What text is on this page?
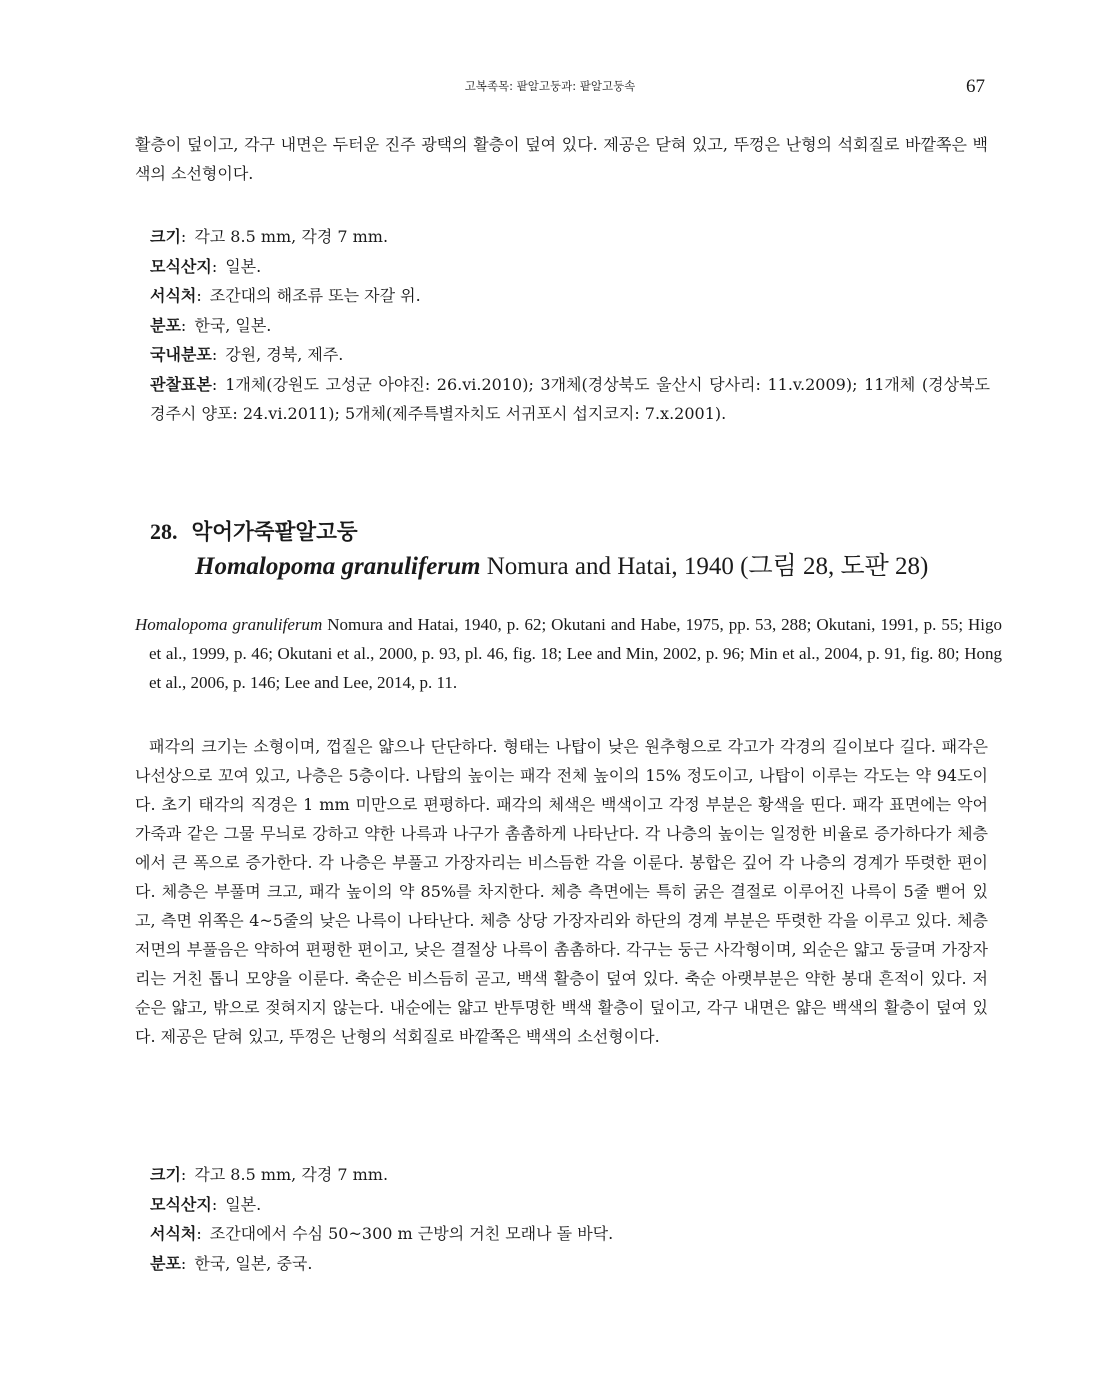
고복족목: 팥알고둥과: 팥알고둥속	67

활층이 덮이고, 각구 내면은 두터운 진주 광택의 활층이 덮여 있다. 제공은 닫혀 있고, 뚜껑은 난형의 석회질로 바깥쪽은 백색의 소선형이다.

크기: 각고 8.5 mm, 각경 7 mm.
모식산지: 일본.
서식처: 조간대의 해조류 또는 자갈 위.
분포: 한국, 일본.
국내분포: 강원, 경북, 제주.
관찰표본: 1개체(강원도 고성군 아야진: 26.vi.2010); 3개체(경상북도 울산시 당사리: 11.v.2009); 11개체 (경상북도 경주시 양포: 24.vi.2011); 5개체(제주특별자치도 서귀포시 섭지코지: 7.x.2001).
28. 악어가죽팥알고둥
Homalopoma granuliferum Nomura and Hatai, 1940 (그림 28, 도판 28)
Homalopoma granuliferum Nomura and Hatai, 1940, p. 62; Okutani and Habe, 1975, pp. 53, 288; Okutani, 1991, p. 55; Higo et al., 1999, p. 46; Okutani et al., 2000, p. 93, pl. 46, fig. 18; Lee and Min, 2002, p. 96; Min et al., 2004, p. 91, fig. 80; Hong et al., 2006, p. 146; Lee and Lee, 2014, p. 11.

패각의 크기는 소형이며, 껍질은 얇으나 단단하다. 형태는 나탑이 낮은 원추형으로 각고가 각경의 길이보다 길다. 패각은 나선상으로 꼬여 있고, 나층은 5층이다. 나탑의 높이는 패각 전체 높이의 15% 정도이고, 나탑이 이루는 각도는 약 94도이다. 초기 태각의 직경은 1 mm 미만으로 편평하다. 패각의 체색은 백색이고 각정 부분은 황색을 띤다. 패각 표면에는 악어 가죽과 같은 그물 무늬로 강하고 약한 나륵과 나구가 촘촘하게 나타난다. 각 나층의 높이는 일정한 비율로 증가하다가 체층에서 큰 폭으로 증가한다. 각 나층은 부풀고 가장자리는 비스듬한 각을 이룬다. 봉합은 깊어 각 나층의 경계가 뚜렷한 편이다. 체층은 부풀며 크고, 패각 높이의 약 85%를 차지한다. 체층 측면에는 특히 굵은 결절로 이루어진 나륵이 5줄 뻗어 있고, 측면 위쪽은 4~5줄의 낮은 나륵이 나타난다. 체층 상당 가장자리와 하단의 경계 부분은 뚜렷한 각을 이루고 있다. 체층 저면의 부풀음은 약하여 편평한 편이고, 낮은 결절상 나륵이 촘촘하다. 각구는 둥근 사각형이며, 외순은 얇고 둥글며 가장자리는 거친 톱니 모양을 이룬다. 축순은 비스듬히 곧고, 백색 활층이 덮여 있다. 축순 아랫부분은 약한 봉대 흔적이 있다. 저순은 얇고, 밖으로 젖혀지지 않는다. 내순에는 얇고 반투명한 백색 활층이 덮이고, 각구 내면은 얇은 백색의 활층이 덮여 있다. 제공은 닫혀 있고, 뚜껑은 난형의 석회질로 바깥쪽은 백색의 소선형이다.

크기: 각고 8.5 mm, 각경 7 mm.
모식산지: 일본.
서식처: 조간대에서 수심 50~300 m 근방의 거친 모래나 돌 바닥.
분포: 한국, 일본, 중국.
